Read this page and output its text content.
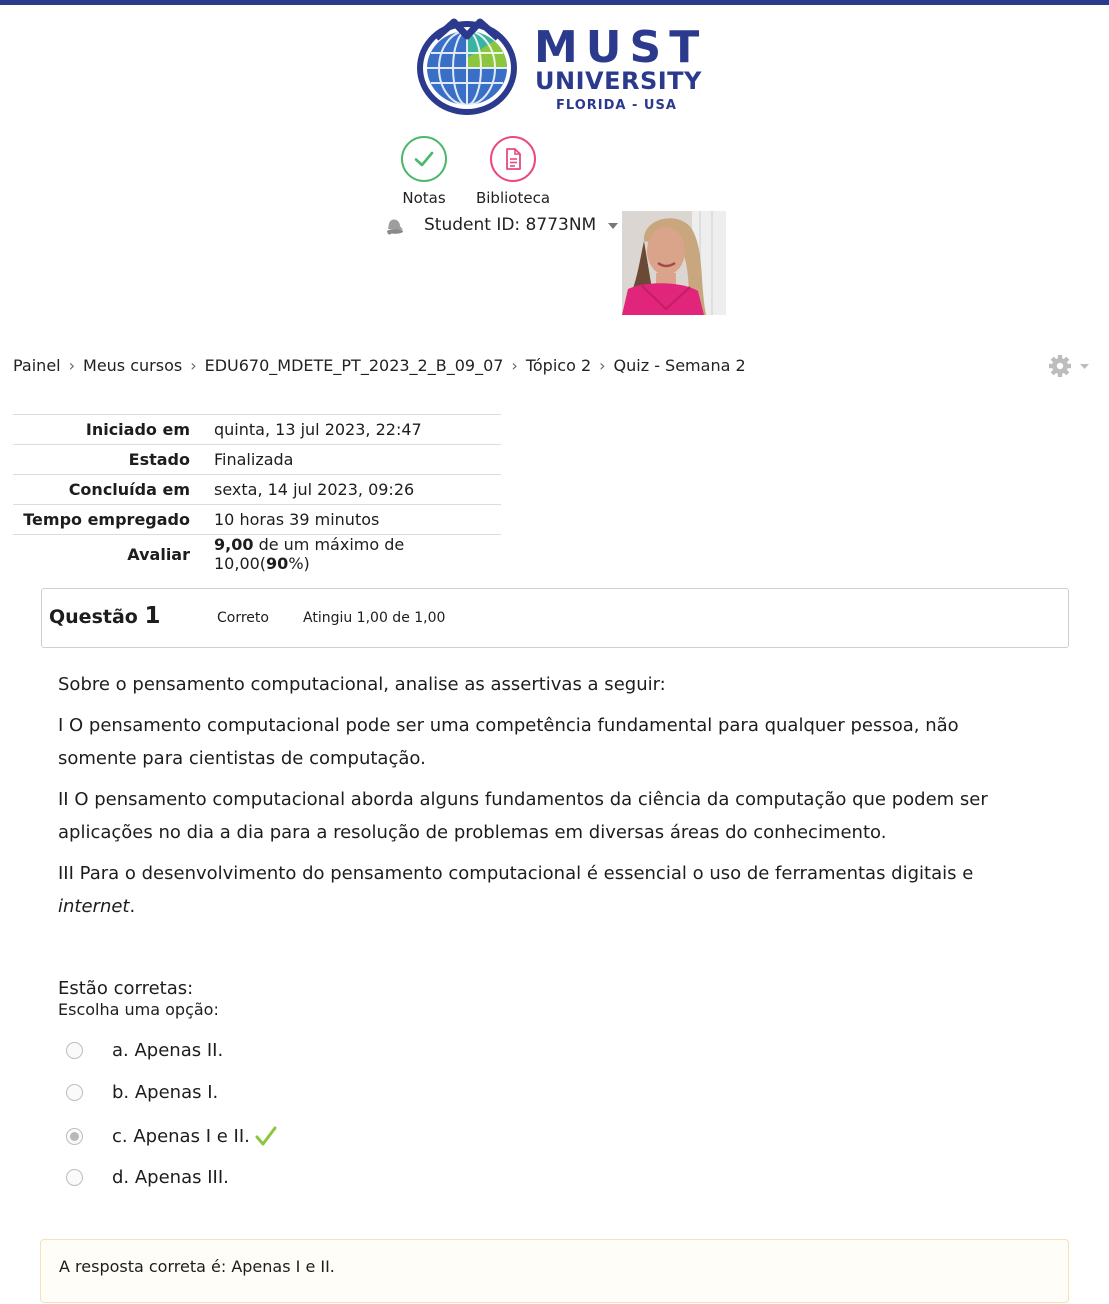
MUST
UNIVERSITY
FLORIDA - USA
Notas	Biblioteca
Student ID: 8773NM
Painel › Meus cursos › EDU670_MDETE_PT_2023_2_B_09_07 › Tópico 2 › Quiz - Semana 2
Iniciado em	quinta, 13 jul 2023, 22:47
Estado	Finalizada
Concluída em	sexta, 14 jul 2023, 09:26
Tempo empregado	10 horas 39 minutos
Avaliar	9,00 de um máximo de 10,00(90%)
Questão 1	Correto Atingiu 1,00 de 1,00

Sobre o pensamento computacional, analise as assertivas a seguir:

I O pensamento computacional pode ser uma competência fundamental para qualquer pessoa, não somente para cientistas de computação.

II O pensamento computacional aborda alguns fundamentos da ciência da computação que podem ser aplicações no dia a dia para a resolução de problemas em diversas áreas do conhecimento.

III Para o desenvolvimento do pensamento computacional é essencial o uso de ferramentas digitais e internet.

Estão corretas:

Escolha uma opção:
a. Apenas II.
b. Apenas I.
c. Apenas I e II.
d. Apenas III.
A resposta correta é: Apenas I e II.
